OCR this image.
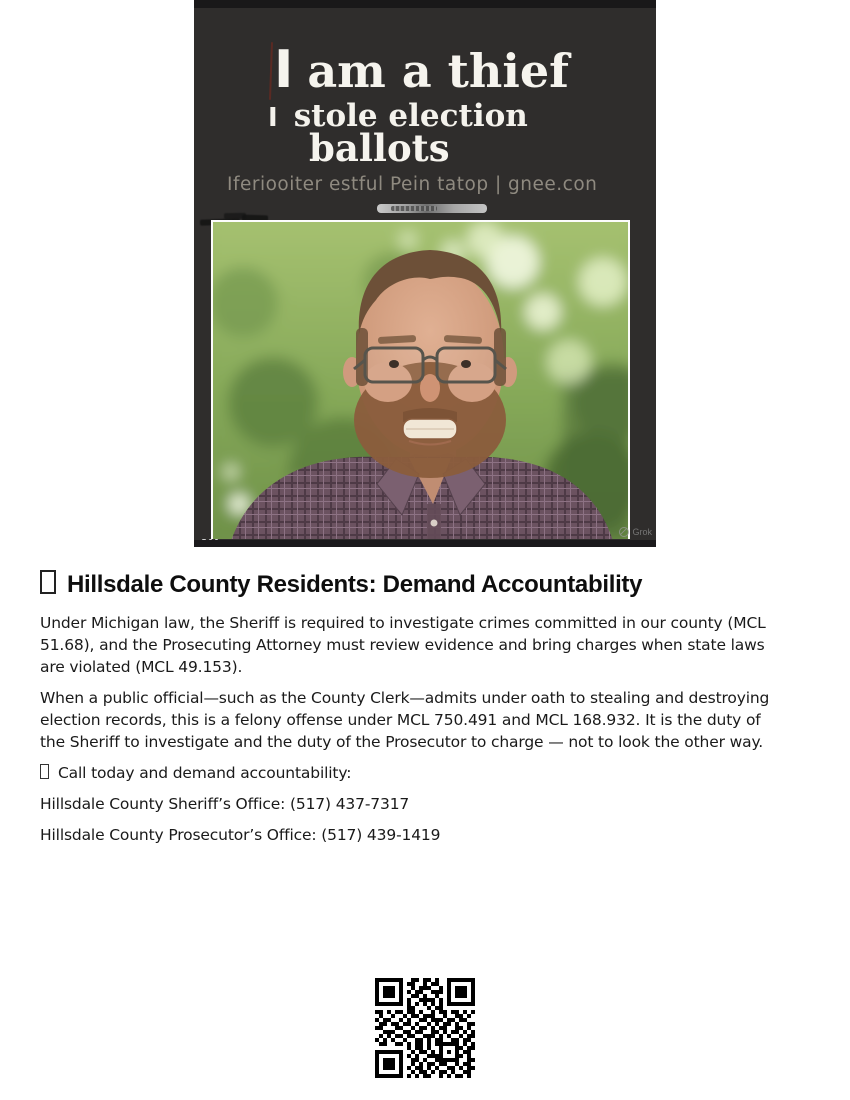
I am a thief
I stole election
ballots
Iferiooiter estful Pein tatop | gnee.con
Grok
Hillsdale County Residents: Demand Accountability
Under Michigan law, the Sheriff is required to investigate crimes committed in our county (MCL
51.68), and the Prosecuting Attorney must review evidence and bring charges when state laws
are violated (MCL 49.153).
When a public official—such as the County Clerk—admits under oath to stealing and destroying
election records, this is a felony offense under MCL 750.491 and MCL 168.932. It is the duty of
the Sheriff to investigate and the duty of the Prosecutor to charge — not to look the other way.
Call today and demand accountability:
Hillsdale County Sheriff’s Office: (517) 437-7317
Hillsdale County Prosecutor’s Office: (517) 439-1419
